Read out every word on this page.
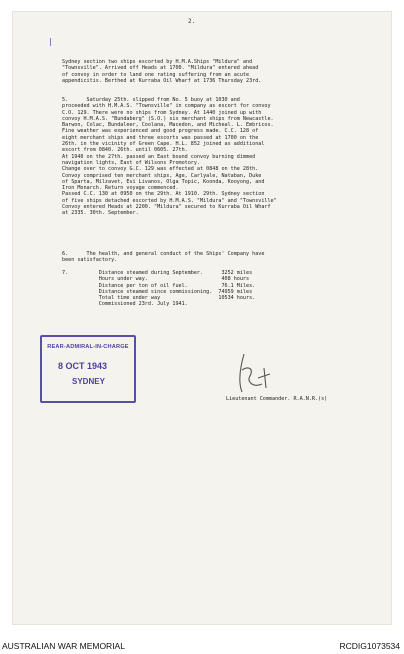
2.
|
Sydney section two ships escorted by H.M.A.Ships "Mildura" and
"Townsville". Arrived off Heads at 1700. "Mildura" entered ahead
of convoy in order to land one rating suffering from an acute
appendicitis. Berthed at Kurraba Oil Wharf at 1736 Thursday 23rd.
5.      Saturday 25th. slipped from No. 5 buoy at 1030 and
proceeded with H.M.A.S. "Townsville" in company as escort for convoy
C.O. 129. There were no ships from Sydney. At 1440 joined up with
convoy H.M.A.S. "Bundaberg" (S.O.) six merchant ships from Newcastle.
Barwon, Colac, Bundaleer, Coolana, Macedon, and Micheal. L. Embricos.
Fine weather was experienced and good progress made. C.C. 128 of
eight merchant ships and three escorts was passed at 1700 on the
26th. in the vicinity of Green Cape. H.L. 852 joined as additional
escort from 0840. 26th. until 0605. 27th.
At 1940 on the 27th. passed an East bound convoy burning dimmed
navigation lights, East of Wilsons Promotory.
Change over to convoy G.C. 129 was effected at 0848 on the 28th.
Convoy comprised ten merchant ships, Age, Carlyale, Nataban, Duke
of Sparta, Milzavet, Evi Livanos, Olga Topic, Koonda, Kooyong, and
Iron Monarch. Return voyage commenced.
Passed C.C. 130 at 0950 on the 29th. At 1910. 29th. Sydney section
of five ships detached escorted by H.M.A.S. "Mildura" and "Townsville"
Convoy entered Heads at 2200. "Mildura" secured to Kurraba Oil Wharf
at 2335. 30th. September.
6.      The health, and general conduct of the Ships' Company have
been satisfactory.
7.          Distance steamed during September.      3252 miles
Hours under way.                        408 hours
Distance per ton of oil fuel.           76.1 Miles.
Distance steamed since commissioning.  74959 miles
Total time under way                   10534 hours.
Commissioned 23rd. July 1941.
REAR-ADMIRAL-IN-CHARGE
8 OCT 1943
SYDNEY
Lieutenant Commander. R.A.N.R.(s)
AUSTRALIAN WAR MEMORIAL	RCDIG1073534
